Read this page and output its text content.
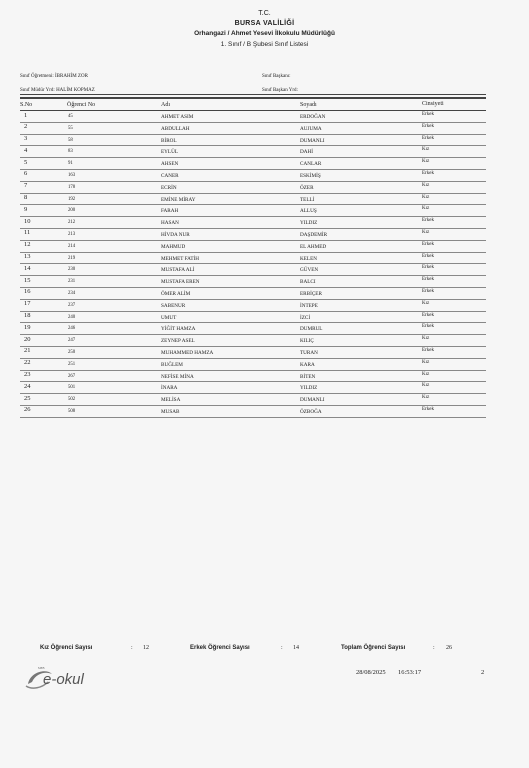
T.C.
BURSA VALİLİĞİ
Orhangazi / Ahmet Yesevi İlkokulu Müdürlüğü
1. Sınıf / B Şubesi Sınıf Listesi
Sınıf Öğretmeni: İBRAHİM ZOR	Sınıf Başkanı:
Sınıf Müdür Yrd: HALİM KOPMAZ	Sınıf Başkan Yrd:
S.No	Öğrenci No	Adı	Soyadı	Cinsiyeti
1	45	AHMET ASIM	ERDOĞAN	Erkek
2	55	ABDULLAH	AUJUMA	Erkek
3	58	BİROL	DUMANLI	Erkek
4	83	EYLÜL	DAHİ	Kız
5	91	AHSEN	CANLAR	Kız
6	163	CANER	ESKİMİŞ	Erkek
7	178	ECRİN	ÖZER	Kız
8	192	EMİNE MİRAY	TELLİ	Kız
9	200	FARAH	ALLUŞ	Kız
10	212	HASAN	YILDIZ	Erkek
11	213	HİVDA NUR	DAŞDEMİR	Kız
12	214	MAHMUD	EL AHMED	Erkek
13	219	MEHMET FATİH	KELEN	Erkek
14	230	MUSTAFA ALİ	GÜVEN	Erkek
15	231	MUSTAFA EREN	BALCI	Erkek
16	234	ÖMER ALİM	ERBİÇER	Erkek
17	237	SABENUR	İNTEPE	Kız
18	240	UMUT	İZCİ	Erkek
19	246	YİĞİT HAMZA	DUMRUL	Erkek
20	247	ZEYNEP ASEL	KILIÇ	Kız
21	250	MUHAMMED HAMZA	TURAN	Erkek
22	251	BUĞLEM	KARA	Kız
23	267	NEFİSE MİNA	BİTEN	Kız
24	501	İNARA	YILDIZ	Kız
25	502	MELİSA	DUMANLI	Kız
26	508	MUSAB	ÖZBOĞA	Erkek
Kız Öğrenci Sayısı	: 12	Erkek Öğrenci Sayısı	: 14	Toplam Öğrenci Sayısı	: 26
e-okul
MEB
28/08/2025 16:53:17	2
